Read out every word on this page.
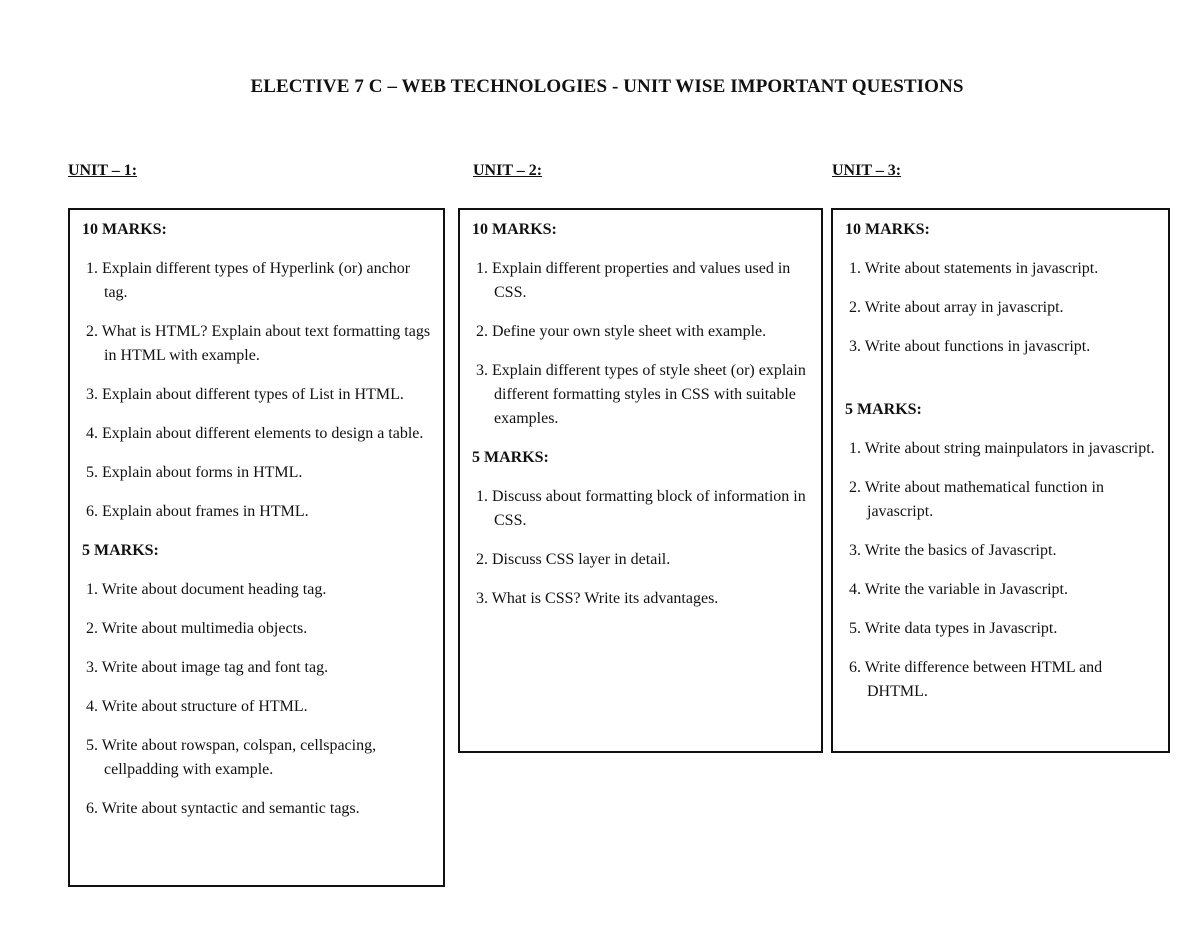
ELECTIVE 7 C – WEB TECHNOLOGIES - UNIT WISE IMPORTANT QUESTIONS
UNIT – 1:
10 MARKS:
1. Explain different types of Hyperlink (or) anchor tag.
2. What is HTML? Explain about text formatting tags in HTML with example.
3. Explain about different types of List in HTML.
4. Explain about different elements to design a table.
5. Explain about forms in HTML.
6. Explain about frames in HTML.
5 MARKS:
1. Write about document heading tag.
2. Write about multimedia objects.
3. Write about image tag and font tag.
4. Write about structure of HTML.
5. Write about rowspan, colspan, cellspacing, cellpadding with example.
6. Write about syntactic and semantic tags.
UNIT – 2:
10 MARKS:
1. Explain different properties and values used in CSS.
2. Define your own style sheet with example.
3. Explain different types of style sheet (or) explain different formatting styles in CSS with suitable examples.
5 MARKS:
1. Discuss about formatting block of information in CSS.
2. Discuss CSS layer in detail.
3. What is CSS? Write its advantages.
UNIT – 3:
10 MARKS:
1. Write about statements in javascript.
2. Write about array in javascript.
3. Write about functions in javascript.
5 MARKS:
1. Write about string mainpulators in javascript.
2. Write about mathematical function in javascript.
3. Write the basics of Javascript.
4. Write the variable in Javascript.
5. Write data types in Javascript.
6. Write difference between HTML and DHTML.
